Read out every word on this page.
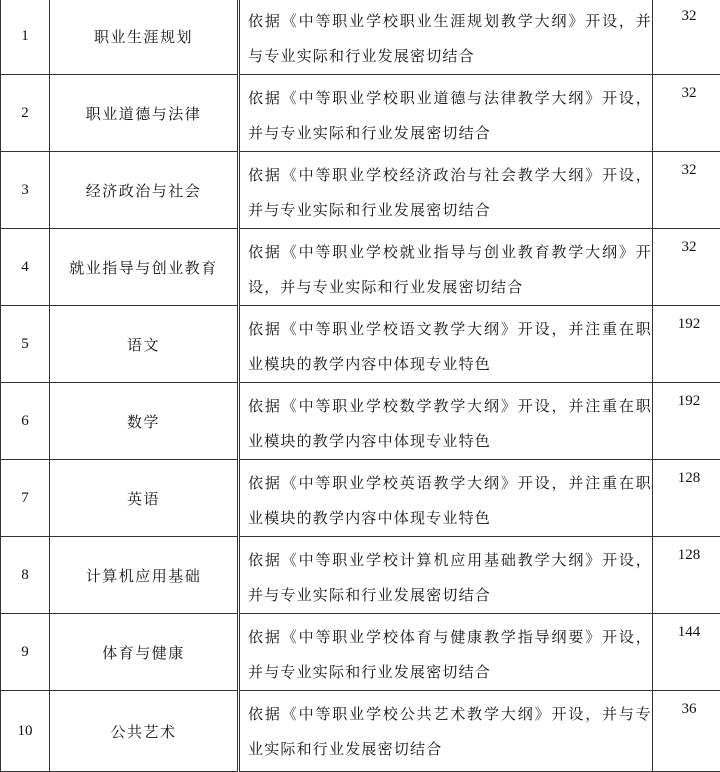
1	职业生涯规划	依据《中等职业学校职业生涯规划教学大纲》开设，并与专业实际和行业发展密切结合	32

2	职业道德与法律	依据《中等职业学校职业道德与法律教学大纲》开设，并与专业实际和行业发展密切结合	32

3	经济政治与社会	依据《中等职业学校经济政治与社会教学大纲》开设，并与专业实际和行业发展密切结合	32

4	就业指导与创业教育	依据《中等职业学校就业指导与创业教育教学大纲》开设，并与专业实际和行业发展密切结合	32

5	语文	依据《中等职业学校语文教学大纲》开设，并注重在职业模块的教学内容中体现专业特色	192

6	数学	依据《中等职业学校数学教学大纲》开设，并注重在职业模块的教学内容中体现专业特色	192

7	英语	依据《中等职业学校英语教学大纲》开设，并注重在职业模块的教学内容中体现专业特色	128

8	计算机应用基础	依据《中等职业学校计算机应用基础教学大纲》开设，并与专业实际和行业发展密切结合	128

9	体育与健康	依据《中等职业学校体育与健康教学指导纲要》开设，并与专业实际和行业发展密切结合	144

10	公共艺术	依据《中等职业学校公共艺术教学大纲》开设，并与专业实际和行业发展密切结合	36
